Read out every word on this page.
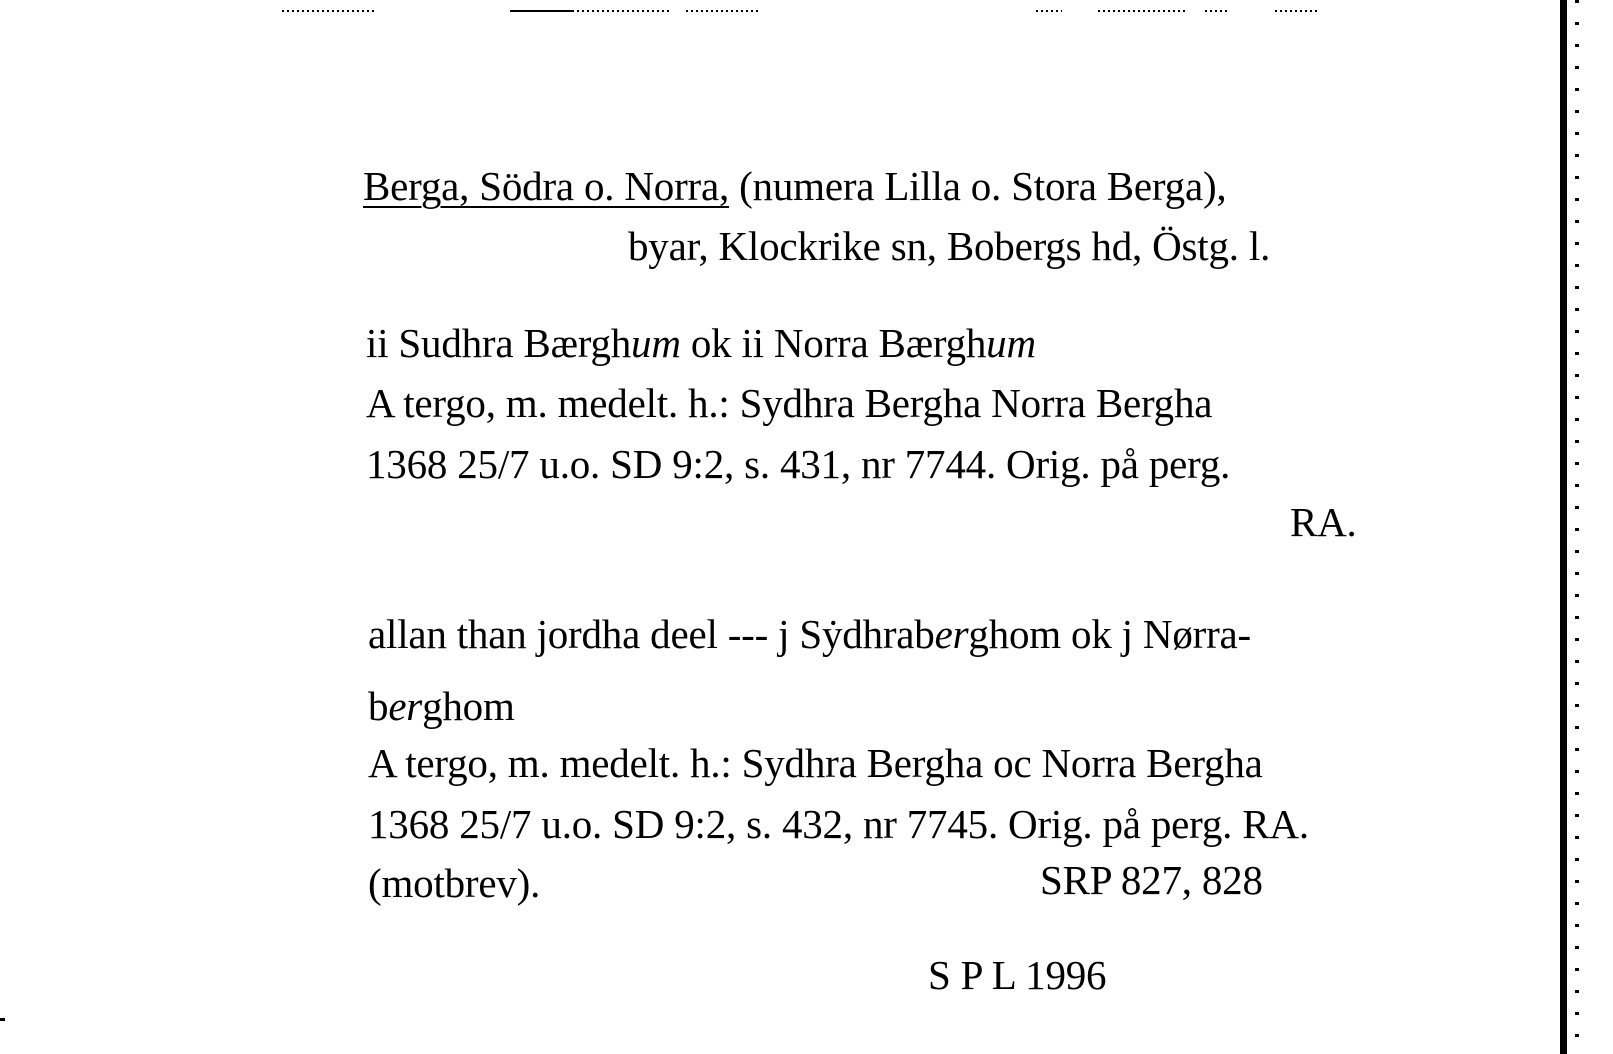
Berga, Södra o. Norra, (numera Lilla o. Stora Berga),
byar, Klockrike sn, Bobergs hd, Östg. l.
ii Sudhra Bærghum ok ii Norra Bærghum
A tergo, m. medelt. h.: Sydhra Bergha Norra Bergha
1368 25/7 u.o. SD 9:2, s. 431, nr 7744. Orig. på perg.
RA.
allan than jordha deel --- j Sẏdhraberghom ok j Nørra-
berghom
A tergo, m. medelt. h.: Sydhra Bergha oc Norra Bergha
1368 25/7 u.o. SD 9:2, s. 432, nr 7745. Orig. på perg. RA.
(motbrev).	SRP 827, 828
S P L 1996
